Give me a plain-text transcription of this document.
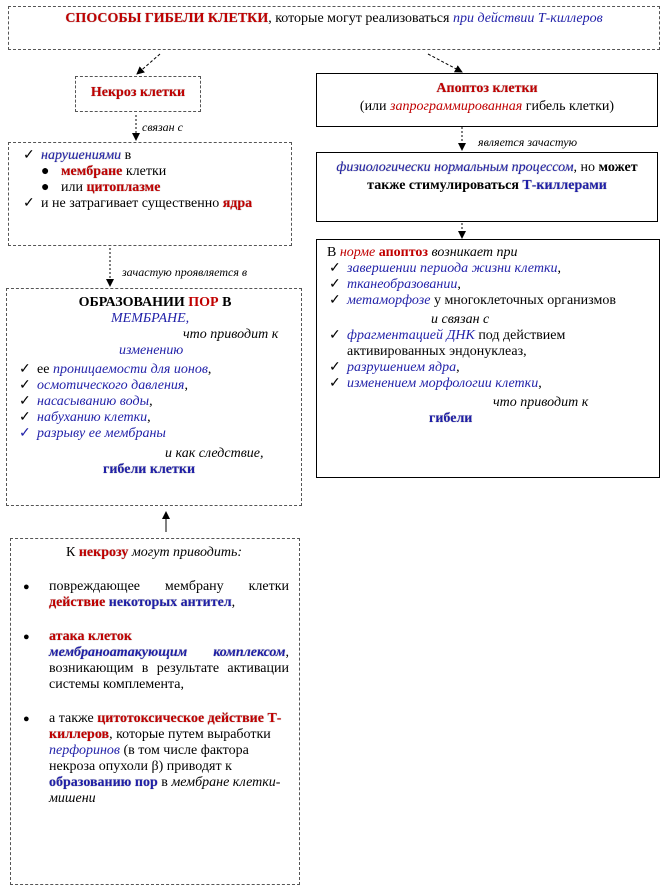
СПОСОБЫ ГИБЕЛИ КЛЕТКИ, которые могут реализоваться при действии Т-киллеров
Некроз клетки	Апоптоз клетки
(или запрограммированная гибель клетки)
связан с
является зачастую
✓ нарушениями в
● мембране клетки
● или цитоплазме
✓ и не затрагивает существенно ядра
физиологически нормальным процессом, но может также стимулироваться Т-киллерами
зачастую проявляется в
В норме апоптоз возникает при
✓ завершении периода жизни клетки,
✓ тканеобразовании,
✓ метаморфозе у многоклеточных организмов
и связан с
✓ фрагментацией ДНК под действием активированных эндонуклеаз,
✓ разрушением ядра,
✓ изменением морфологии клетки,
что приводит к
гибели
ОБРАЗОВАНИИ ПОР В
МЕМБРАНЕ,
что приводит к
изменению
✓ ее проницаемости для ионов,
✓ осмотического давления,
✓ насасыванию воды,
✓ набуханию клетки,
✓ разрыву ее мембраны
и как следствие,
гибели клетки
К некрозу могут приводить:
● повреждающее мембрану клетки действие некоторых антител,
● атака клеток
мембраноатакующим комплексом, возникающим в результате активации системы комплемента,
● а также цитотоксическое действие Т-киллеров, которые путем выработки перфоринов (в том числе фактора некроза опухоли β) приводят к образованию пор в мембране клетки-мишени
